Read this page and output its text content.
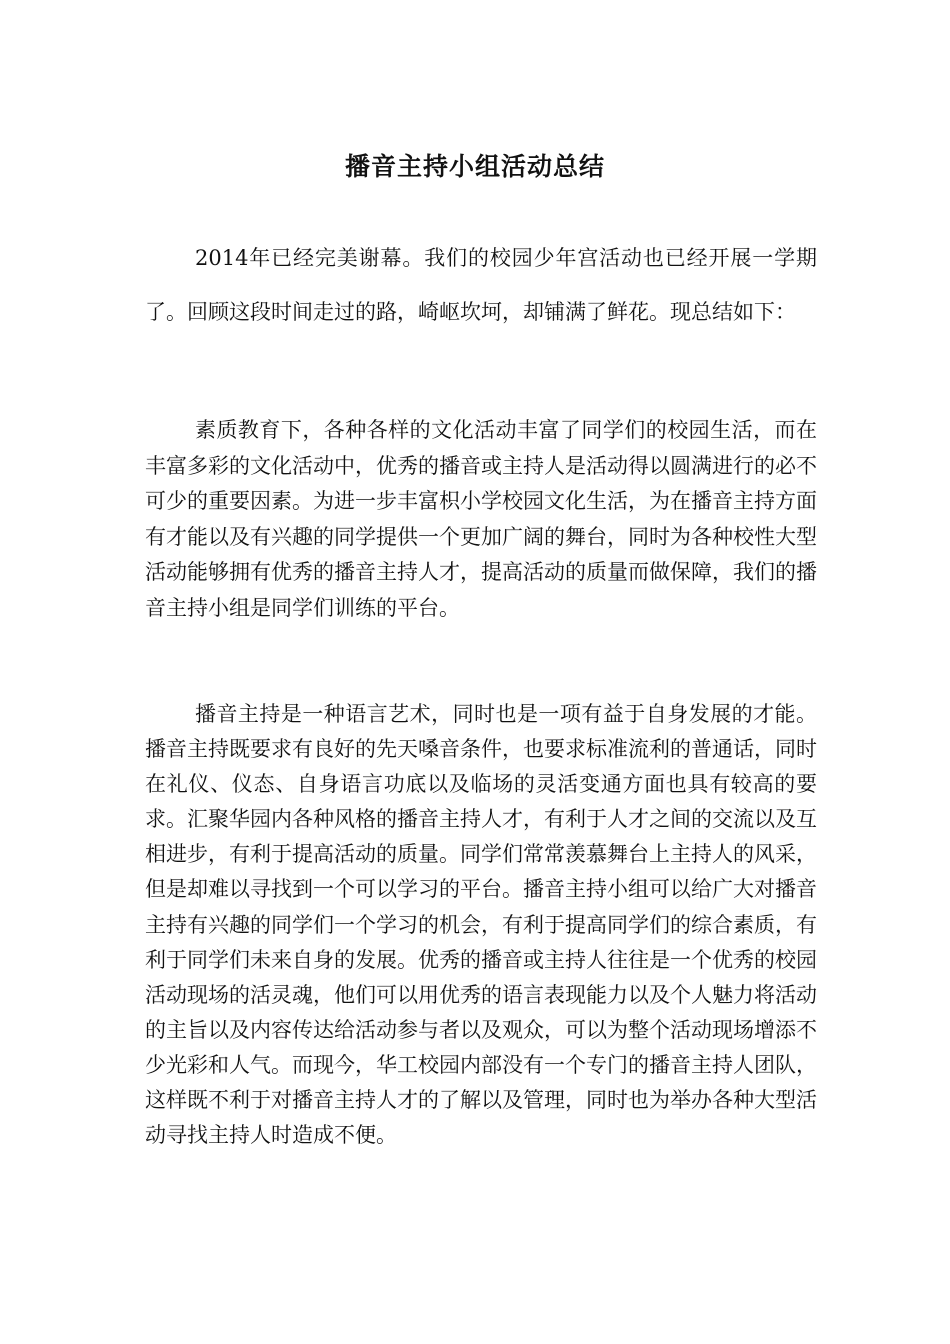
播音主持小组活动总结

2014年已经完美谢幕。我们的校园少年宫活动也已经开展一学期了。回顾这段时间走过的路，崎岖坎坷，却铺满了鲜花。现总结如下：

素质教育下，各种各样的文化活动丰富了同学们的校园生活，而在丰富多彩的文化活动中，优秀的播音或主持人是活动得以圆满进行的必不可少的重要因素。为进一步丰富枳小学校园文化生活，为在播音主持方面有才能以及有兴趣的同学提供一个更加广阔的舞台，同时为各种校性大型活动能够拥有优秀的播音主持人才，提高活动的质量而做保障，我们的播音主持小组是同学们训练的平台。

播音主持是一种语言艺术，同时也是一项有益于自身发展的才能。播音主持既要求有良好的先天嗓音条件，也要求标准流利的普通话，同时在礼仪、仪态、自身语言功底以及临场的灵活变通方面也具有较高的要求。汇聚华园内各种风格的播音主持人才，有利于人才之间的交流以及互相进步，有利于提高活动的质量。同学们常常羡慕舞台上主持人的风采，但是却难以寻找到一个可以学习的平台。播音主持小组可以给广大对播音主持有兴趣的同学们一个学习的机会，有利于提高同学们的综合素质，有利于同学们未来自身的发展。优秀的播音或主持人往往是一个优秀的校园活动现场的活灵魂，他们可以用优秀的语言表现能力以及个人魅力将活动的主旨以及内容传达给活动参与者以及观众，可以为整个活动现场增添不少光彩和人气。而现今，华工校园内部没有一个专门的播音主持人团队，这样既不利于对播音主持人才的了解以及管理，同时也为举办各种大型活动寻找主持人时造成不便。
